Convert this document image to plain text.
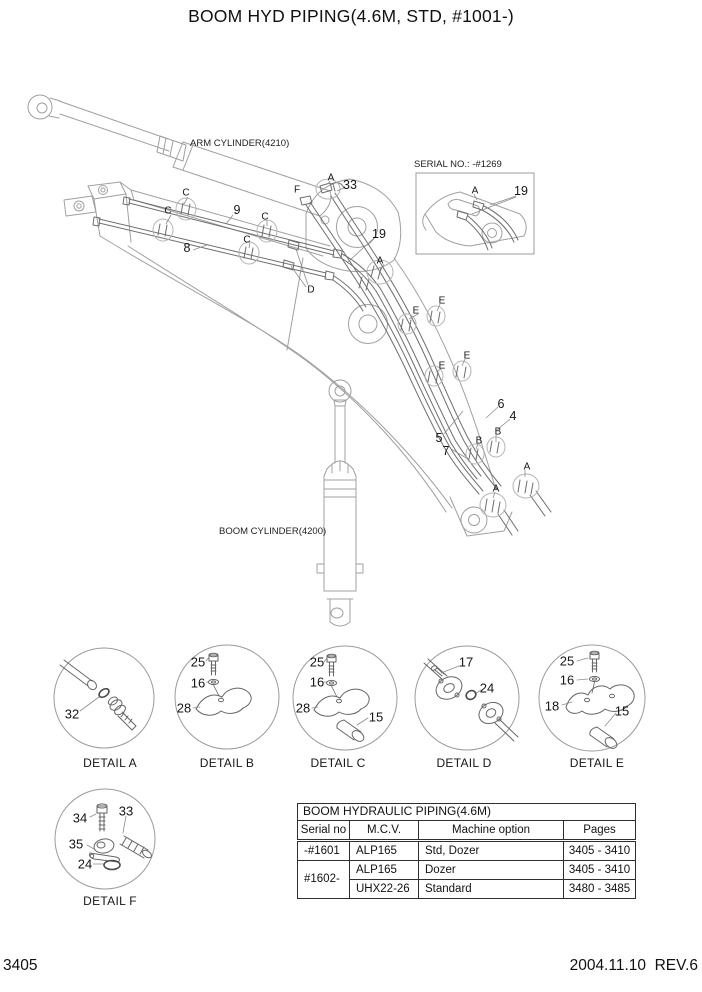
BOOM HYD PIPING(4.6M, STD, #1001-)
ARM CYLINDER(4210)
BOOM CYLINDER(4200)
SERIAL NO.: -#1269
A 33
F
C
C	9 C
C
8
19
D
A
E
E
E
E
6
4
5	B
B
7
A
A
A	19
32
25
16
28
25
16
28
15
17
24
25
16
18	15
34 33
35
24
DETAIL A	DETAIL B	DETAIL C	DETAIL D	DETAIL E
DETAIL F
BOOM HYDRAULIC PIPING(4.6M)			
Serial no	M.C.V.	Machine option	Pages
-#1601	ALP165	Std, Dozer	3405 - 3410
#1602-	ALP165	Dozer	3405 - 3410
	UHX22-26	Standard	3480 - 3485
3405	2004.11.10  REV.6
